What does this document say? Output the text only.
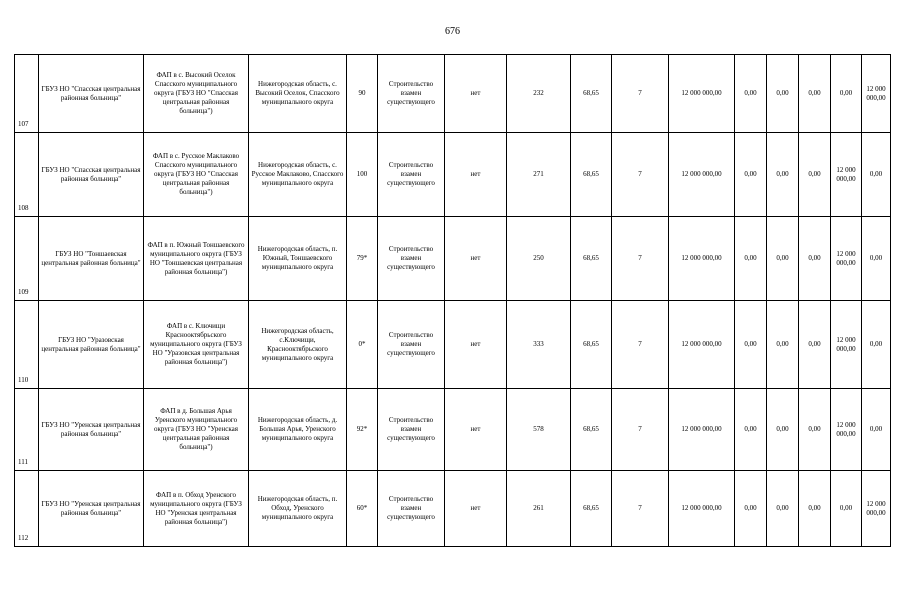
676
107	ГБУЗ НО "Спасская центральная районная больница"	ФАП в с. Высокий Оселок Спасского муниципального округа (ГБУЗ НО "Спасская центральная районная больница")	Нижегородская область, с. Высокий Оселок, Спасского муниципального округа	90	Строительство взамен существующего	нет	232	68,65	7	12 000 000,00	0,00	0,00	0,00	0,00	12 000 000,00
108	ГБУЗ НО "Спасская центральная районная больница"	ФАП в с. Русское Маклаково Спасского муниципального округа (ГБУЗ НО "Спасская центральная районная больница")	Нижегородская область, с. Русское Маклаково, Спасского муниципального округа	100	Строительство взамен существующего	нет	271	68,65	7	12 000 000,00	0,00	0,00	0,00	12 000 000,00	0,00
109	ГБУЗ НО "Тоншаевская центральная районная больница"	ФАП в п. Южный Тоншаевского муниципального округа (ГБУЗ НО "Тоншаевская центральная районная больница")	Нижегородская область, п. Южный, Тоншаевского муниципального округа	79*	Строительство взамен существующего	нет	250	68,65	7	12 000 000,00	0,00	0,00	0,00	12 000 000,00	0,00
110	ГБУЗ НО "Уразовская центральная районная больница"	ФАП в с. Ключищи Краснооктябрьского муниципального округа (ГБУЗ НО "Уразовская центральная районная больница")	Нижегородская область, с.Ключищи, Краснооктябрьского муниципального округа	0*	Строительство взамен существующего	нет	333	68,65	7	12 000 000,00	0,00	0,00	0,00	12 000 000,00	0,00
111	ГБУЗ НО "Уренская центральная районная больница"	ФАП в д. Большая Арья Уренского муниципального округа (ГБУЗ НО "Уренская центральная районная больница")	Нижегородская область, д. Большая Арья, Уренского муниципального округа	92*	Строительство взамен существующего	нет	578	68,65	7	12 000 000,00	0,00	0,00	0,00	12 000 000,00	0,00
112	ГБУЗ НО "Уренская центральная районная больница"	ФАП в п. Обход Уренского муниципального округа (ГБУЗ НО "Уренская центральная районная больница")	Нижегородская область, п. Обход, Уренского муниципального округа	60*	Строительство взамен существующего	нет	261	68,65	7	12 000 000,00	0,00	0,00	0,00	0,00	12 000 000,00
